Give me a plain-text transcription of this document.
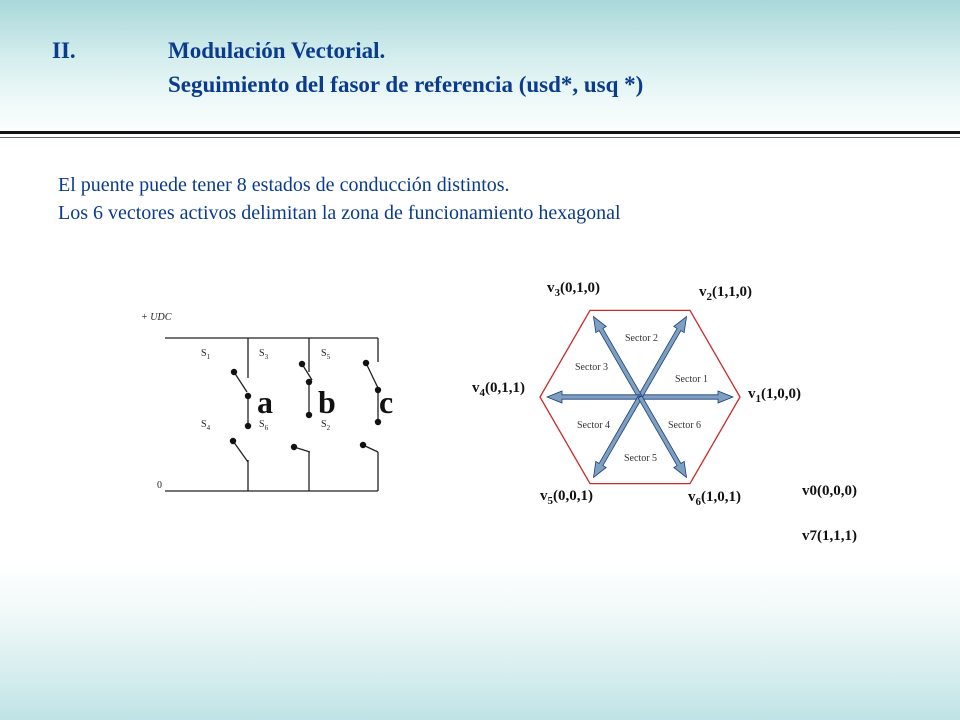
II.	Modulación Vectorial.
Seguimiento del fasor de referencia (usd*, usq *)
El puente puede tener 8 estados de conducción distintos.
Los 6 vectores activos delimitan la zona de funcionamiento hexagonal
+ UDC
0
$S_1$	$S_3$	$S_5$
$S_4$	$S_6$	$S_2$
a b c
Sector 1
Sector 2
Sector 3
Sector 4
Sector 5
Sector 6
$v_1(1,0,0)$
$v_2(1,1,0)$
$v_3(0,1,0)$
$v_4(0,1,1)$
$v_5(0,0,1)$	$v_6(1,0,1)$	v0(0,0,0)
v7(1,1,1)
